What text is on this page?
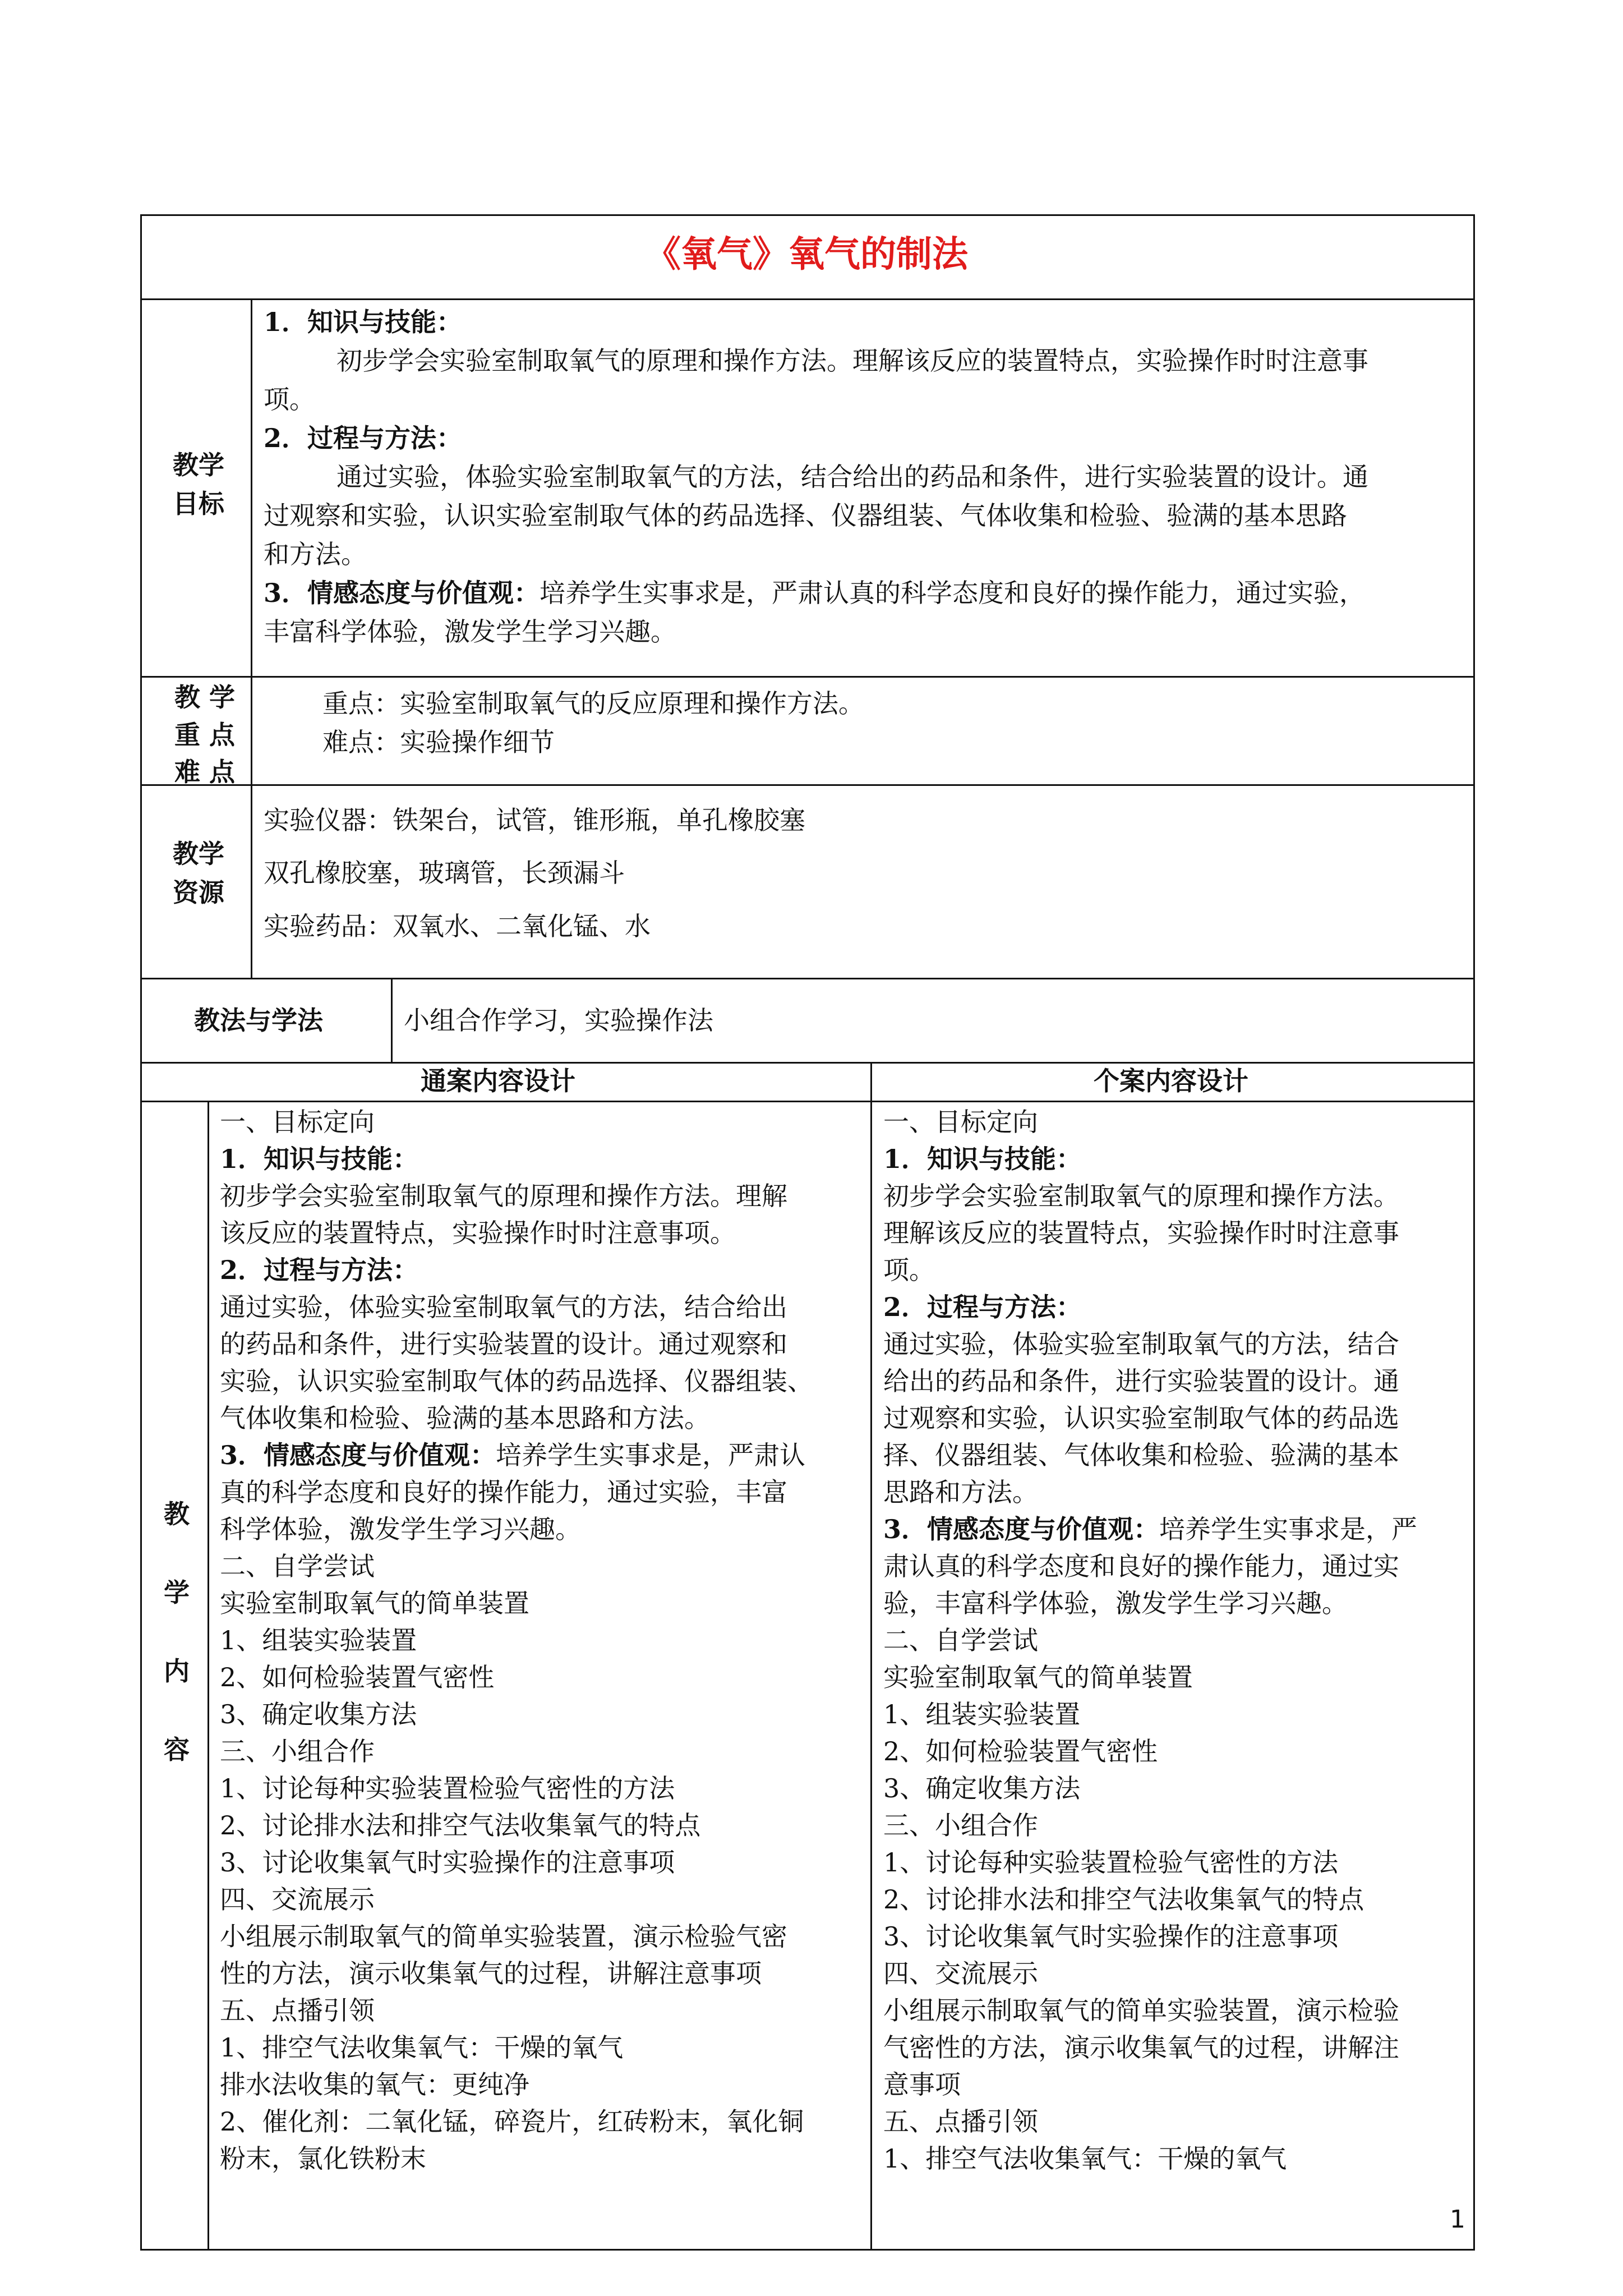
《氧气》氧气的制法
教学
目标

1．知识与技能：

初步学会实验室制取氧气的原理和操作方法。理解该反应的装置特点，实验操作时时注意事

项。

2．过程与方法：

通过实验，体验实验室制取氧气的方法，结合给出的药品和条件，进行实验装置的设计。通

过观察和实验，认识实验室制取气体的药品选择、仪器组装、气体收集和检验、验满的基本思路

和方法。

3．情感态度与价值观：培养学生实事求是，严肃认真的科学态度和良好的操作能力，通过实验，

丰富科学体验，激发学生学习兴趣。

教 学
重 点
难 点

重点：实验室制取氧气的反应原理和操作方法。

难点：实验操作细节

教学
资源

实验仪器：铁架台，试管，锥形瓶，单孔橡胶塞

双孔橡胶塞，玻璃管，长颈漏斗

实验药品：双氧水、二氧化锰、水

教法与学法	小组合作学习，实验操作法
通案内容设计	个案内容设计
教
学
内
容

一、目标定向

1．知识与技能：

初步学会实验室制取氧气的原理和操作方法。理解

该反应的装置特点，实验操作时时注意事项。

2．过程与方法：

通过实验，体验实验室制取氧气的方法，结合给出

的药品和条件，进行实验装置的设计。通过观察和

实验，认识实验室制取气体的药品选择、仪器组装、

气体收集和检验、验满的基本思路和方法。

3．情感态度与价值观：培养学生实事求是，严肃认

真的科学态度和良好的操作能力，通过实验，丰富

科学体验，激发学生学习兴趣。

二、自学尝试

实验室制取氧气的简单装置

1、组装实验装置

2、如何检验装置气密性

3、确定收集方法

三、小组合作

1、讨论每种实验装置检验气密性的方法

2、讨论排水法和排空气法收集氧气的特点

3、讨论收集氧气时实验操作的注意事项

四、交流展示

小组展示制取氧气的简单实验装置，演示检验气密

性的方法，演示收集氧气的过程，讲解注意事项

五、点播引领

1、排空气法收集氧气：干燥的氧气

排水法收集的氧气：更纯净

2、催化剂：二氧化锰，碎瓷片，红砖粉末，氧化铜

粉末，氯化铁粉末

一、目标定向

1．知识与技能：

初步学会实验室制取氧气的原理和操作方法。

理解该反应的装置特点，实验操作时时注意事

项。

2．过程与方法：

通过实验，体验实验室制取氧气的方法，结合

给出的药品和条件，进行实验装置的设计。通

过观察和实验，认识实验室制取气体的药品选

择、仪器组装、气体收集和检验、验满的基本

思路和方法。

3．情感态度与价值观：培养学生实事求是，严

肃认真的科学态度和良好的操作能力，通过实

验，丰富科学体验，激发学生学习兴趣。

二、自学尝试

实验室制取氧气的简单装置

1、组装实验装置

2、如何检验装置气密性

3、确定收集方法

三、小组合作

1、讨论每种实验装置检验气密性的方法

2、讨论排水法和排空气法收集氧气的特点

3、讨论收集氧气时实验操作的注意事项

四、交流展示

小组展示制取氧气的简单实验装置，演示检验

气密性的方法，演示收集氧气的过程，讲解注

意事项

五、点播引领

1、排空气法收集氧气：干燥的氧气

1
